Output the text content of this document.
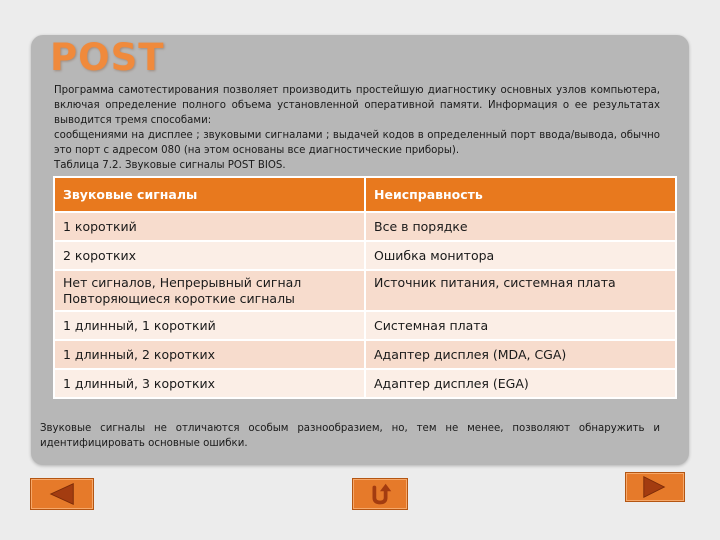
POST

Программа самотестирования позволяет производить простейшую диагностику основных узлов компьютера, включая определение полного объема установленной оперативной памяти. Информация о ее результатах выводится тремя способами:

сообщениями на дисплее ; звуковыми сигналами ; выдачей кодов в определенный порт ввода/вывода, обычно это порт с адресом 080 (на этом основаны все диагностические приборы).

Таблица 7.2. Звуковые сигналы POST BIOS.

Звуковые сигналы	Неисправность
1 короткий	Все в порядке
2 коротких	Ошибка монитора
Нет сигналов, Непрерывный сигнал Повторяющиеся короткие сигналы	Источник питания, системная плата
1 длинный, 1 короткий	Системная плата
1 длинный, 2 коротких	Адаптер дисплея (MDA, CGA)
1 длинный, 3 коротких	Адаптер дисплея (EGA)

Звуковые сигналы не отличаются особым разнообразием, но, тем не менее, позволяют обнаружить и идентифицировать основные ошибки.
